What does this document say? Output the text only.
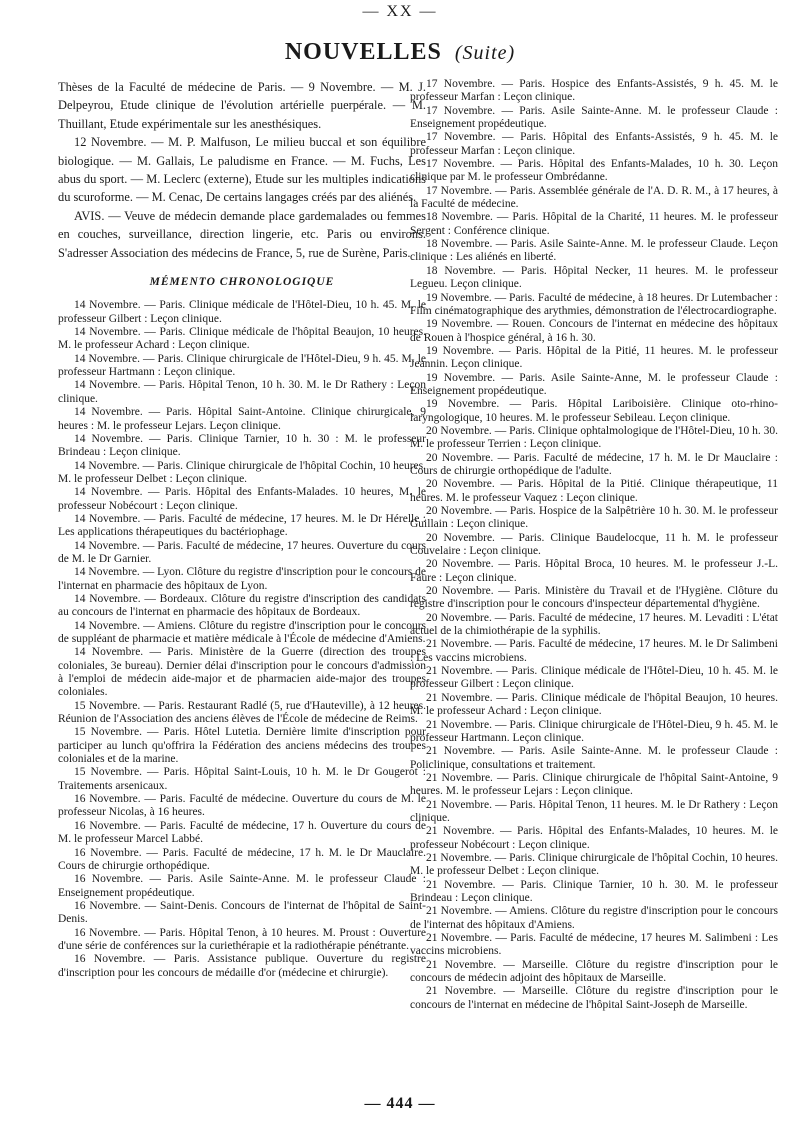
— XX —
NOUVELLES (Suite)

Thèses de la Faculté de médecine de Paris. — 9 Novembre. — M. J. Delpeyrou, Etude clinique de l'évolution artérielle puerpérale. — M. Thuillant, Etude expérimentale sur les anesthésiques.

12 Novembre. — M. P. Malfuson, Le milieu buccal et son équilibre biologique. — M. Gallais, Le paludisme en France. — M. Fuchs, Les abus du sport. — M. Leclerc (externe), Etude sur les multiples indications du scuroforme. — M. Cenac, De certains langages créés par des aliénés.

AVIS. — Veuve de médecin demande place gardemalades ou femmes en couches, surveillance, direction lingerie, etc. Paris ou environs. S'adresser Association des médecins de France, 5, rue de Surène, Paris.

MÉMENTO CHRONOLOGIQUE

14 Novembre. — Paris. Clinique médicale de l'Hôtel-Dieu, 10 h. 45. M. le professeur Gilbert : Leçon clinique.

14 Novembre. — Paris. Clinique médicale de l'hôpital Beaujon, 10 heures. M. le professeur Achard : Leçon clinique.

14 Novembre. — Paris. Clinique chirurgicale de l'Hôtel-Dieu, 9 h. 45. M. le professeur Hartmann : Leçon clinique.

14 Novembre. — Paris. Hôpital Tenon, 10 h. 30. M. le Dr Rathery : Leçon clinique.

14 Novembre. — Paris. Hôpital Saint-Antoine. Clinique chirurgicale, 9 heures : M. le professeur Lejars. Leçon clinique.

14 Novembre. — Paris. Clinique Tarnier, 10 h. 30 : M. le professeur Brindeau : Leçon clinique.

14 Novembre. — Paris. Clinique chirurgicale de l'hôpital Cochin, 10 heures. M. le professeur Delbet : Leçon clinique.

14 Novembre. — Paris. Hôpital des Enfants-Malades. 10 heures, M. le professeur Nobécourt : Leçon clinique.

14 Novembre. — Paris. Faculté de médecine, 17 heures. M. le Dr Hérelle : Les applications thérapeutiques du bactériophage.

14 Novembre. — Paris. Faculté de médecine, 17 heures. Ouverture du cours de M. le Dr Garnier.

14 Novembre. — Lyon. Clôture du registre d'inscription pour le concours de l'internat en pharmacie des hôpitaux de Lyon.

14 Novembre. — Bordeaux. Clôture du registre d'inscription des candidats au concours de l'internat en pharmacie des hôpitaux de Bordeaux.

14 Novembre. — Amiens. Clôture du registre d'inscription pour le concours de suppléant de pharmacie et matière médicale à l'École de médecine d'Amiens.

14 Novembre. — Paris. Ministère de la Guerre (direction des troupes coloniales, 3e bureau). Dernier délai d'inscription pour le concours d'admission à l'emploi de médecin aide-major et de pharmacien aide-major des troupes coloniales.

15 Novembre. — Paris. Restaurant Radlé (5, rue d'Hauteville), à 12 heures. Réunion de l'Association des anciens élèves de l'École de médecine de Reims.

15 Novembre. — Paris. Hôtel Lutetia. Dernière limite d'inscription pour participer au lunch qu'offrira la Fédération des anciens médecins des troupes coloniales et de la marine.

15 Novembre. — Paris. Hôpital Saint-Louis, 10 h. M. le Dr Gougerot : Traitements arsenicaux.

16 Novembre. — Paris. Faculté de médecine. Ouverture du cours de M. le professeur Nicolas, à 16 heures.

16 Novembre. — Paris. Faculté de médecine, 17 h. Ouverture du cours de M. le professeur Marcel Labbé.

16 Novembre. — Paris. Faculté de médecine, 17 h. M. le Dr Mauclaire. Cours de chirurgie orthopédique.

16 Novembre. — Paris. Asile Sainte-Anne. M. le professeur Claude : Enseignement propédeutique.

16 Novembre. — Saint-Denis. Concours de l'internat de l'hôpital de Saint-Denis.

16 Novembre. — Paris. Hôpital Tenon, à 10 heures. M. Proust : Ouverture d'une série de conférences sur la curiethérapie et la radiothérapie pénétrante.

16 Novembre. — Paris. Assistance publique. Ouverture du registre d'inscription pour les concours de médaille d'or (médecine et chirurgie).

17 Novembre. — Paris. Hospice des Enfants-Assistés, 9 h. 45. M. le professeur Marfan : Leçon clinique.

17 Novembre. — Paris. Asile Sainte-Anne. M. le professeur Claude : Enseignement propédeutique.

17 Novembre. — Paris. Hôpital des Enfants-Assistés, 9 h. 45. M. le professeur Marfan : Leçon clinique.

17 Novembre. — Paris. Hôpital des Enfants-Malades, 10 h. 30. Leçon clinique par M. le professeur Ombrédanne.

17 Novembre. — Paris. Assemblée générale de l'A. D. R. M., à 17 heures, à la Faculté de médecine.

18 Novembre. — Paris. Hôpital de la Charité, 11 heures. M. le professeur Sergent : Conférence clinique.

18 Novembre. — Paris. Asile Sainte-Anne. M. le professeur Claude. Leçon clinique : Les aliénés en liberté.

18 Novembre. — Paris. Hôpital Necker, 11 heures. M. le professeur Legueu. Leçon clinique.

19 Novembre. — Paris. Faculté de médecine, à 18 heures. Dr Lutembacher : Film cinématographique des arythmies, démonstration de l'électrocardiographe.

19 Novembre. — Rouen. Concours de l'internat en médecine des hôpitaux de Rouen à l'hospice général, à 16 h. 30.

19 Novembre. — Paris. Hôpital de la Pitié, 11 heures. M. le professeur Jeannin. Leçon clinique.

19 Novembre. — Paris. Asile Sainte-Anne, M. le professeur Claude : Enseignement propédeutique.

19 Novembre. — Paris. Hôpital Lariboisière. Clinique oto-rhino-laryngologique, 10 heures. M. le professeur Sebileau. Leçon clinique.

20 Novembre. — Paris. Clinique ophtalmologique de l'Hôtel-Dieu, 10 h. 30. M. le professeur Terrien : Leçon clinique.

20 Novembre. — Paris. Faculté de médecine, 17 h. M. le Dr Mauclaire : Cours de chirurgie orthopédique de l'adulte.

20 Novembre. — Paris. Hôpital de la Pitié. Clinique thérapeutique, 11 heures. M. le professeur Vaquez : Leçon clinique.

20 Novembre. — Paris. Hospice de la Salpêtrière 10 h. 30. M. le professeur Guillain : Leçon clinique.

20 Novembre. — Paris. Clinique Baudelocque, 11 h. M. le professeur Couvelaire : Leçon clinique.

20 Novembre. — Paris. Hôpital Broca, 10 heures. M. le professeur J.-L. Faure : Leçon clinique.

20 Novembre. — Paris. Ministère du Travail et de l'Hygiène. Clôture du registre d'inscription pour le concours d'inspecteur départemental d'hygiène.

20 Novembre. — Paris. Faculté de médecine, 17 heures. M. Levaditi : L'état actuel de la chimiothérapie de la syphilis.

21 Novembre. — Paris. Faculté de médecine, 17 heures. M. le Dr Salimbeni : Les vaccins microbiens.

21 Novembre. — Paris. Clinique médicale de l'Hôtel-Dieu, 10 h. 45. M. le professeur Gilbert : Leçon clinique.

21 Novembre. — Paris. Clinique médicale de l'hôpital Beaujon, 10 heures. M. le professeur Achard : Leçon clinique.

21 Novembre. — Paris. Clinique chirurgicale de l'Hôtel-Dieu, 9 h. 45. M. le professeur Hartmann. Leçon clinique.

21 Novembre. — Paris. Asile Sainte-Anne. M. le professeur Claude : Policlinique, consultations et traitement.

21 Novembre. — Paris. Clinique chirurgicale de l'hôpital Saint-Antoine, 9 heures. M. le professeur Lejars : Leçon clinique.

21 Novembre. — Paris. Hôpital Tenon, 11 heures. M. le Dr Rathery : Leçon clinique.

21 Novembre. — Paris. Hôpital des Enfants-Malades, 10 heures. M. le professeur Nobécourt : Leçon clinique.

21 Novembre. — Paris. Clinique chirurgicale de l'hôpital Cochin, 10 heures. M. le professeur Delbet : Leçon clinique.

21 Novembre. — Paris. Clinique Tarnier, 10 h. 30. M. le professeur Brindeau : Leçon clinique.

21 Novembre. — Amiens. Clôture du registre d'inscription pour le concours de l'internat des hôpitaux d'Amiens.

21 Novembre. — Paris. Faculté de médecine, 17 heures M. Salimbeni : Les vaccins microbiens.

21 Novembre. — Marseille. Clôture du registre d'inscription pour le concours de médecin adjoint des hôpitaux de Marseille.

21 Novembre. — Marseille. Clôture du registre d'inscription pour le concours de l'internat en médecine de l'hôpital Saint-Joseph de Marseille.

— 444 —
